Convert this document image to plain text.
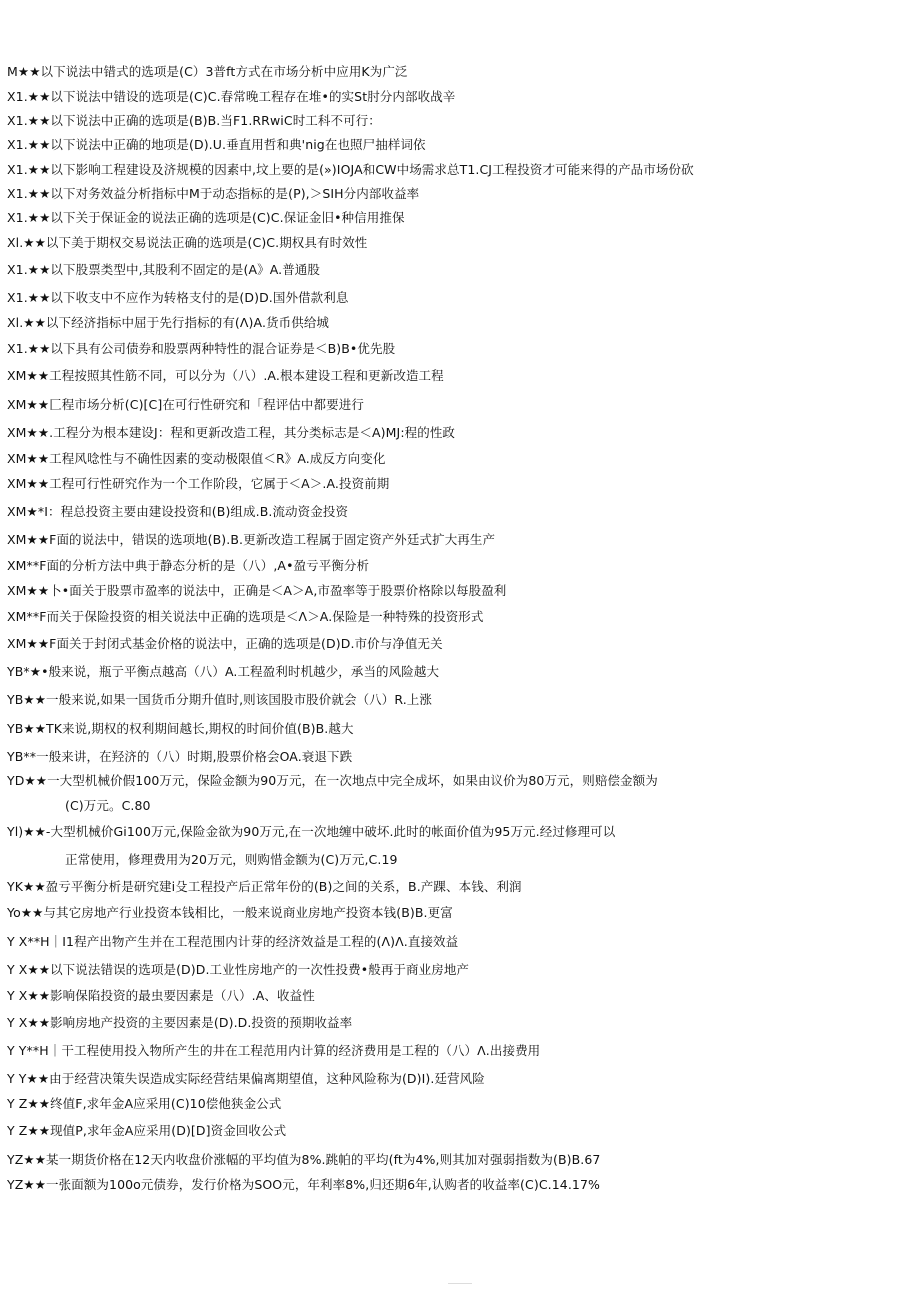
M★★以下说法中错式的选项是(C）3普ft方式在市场分析中应用K为广泛
X1.★★以下说法中错设的选项是(C)C.春常晚工程存在堆•的实St肘分内部收战辛
X1.★★以下说法中正确的选项是(B)B.当F1.RRwiC时工科不可行：
X1.★★以下说法中正确的地项是(D).U.垂直用哲和典'nig在也照尸抽样词依
X1.★★以下影响工程建设及济规模的因素中,坟上要的是(»)IOJA和CW中场需求总T1.CJ工程投资才可能来得的产品市场份砍
X1.★★以下对务效益分析指标中M于动态指标的是(P),＞SIH分内部收益率
X1.★★以下关于保证金的说法正确的选项是(C)C.保证金旧•种信用推保
Xl.★★以下美于期权交易说法正确的选项是(C)C.期权具有时效性
X1.★★以下股票类型中,其股利不固定的是(A》A.普通股
X1.★★以下收支中不应作为转格支付的是(D)D.国外借款利息
Xl.★★以下经济指标中屈于先行指标的有(Λ)A.货币供给城
X1.★★以下具有公司债券和股票两种特性的混合证券是＜B)B•优先股
XM★★工程按照其性筋不同，可以分为（八）.A.根本建设工程和更新改造工程
XM★★匚程市场分析(C)[C]在可行性研究和「程评估中都要进行
XM★★.工程分为根本建设J：程和更新改造工程，其分类标志是＜A)MJ:程的性政
XM★★工程风唸性与不确性因素的变动极限值＜R》A.成反方向变化
XM★★工程可行性研究作为一个工作阶段，它属于＜A＞.A.投资前期
XM★*I：程总投资主要由建设投资和(B)组成.B.流动资金投资
XM★★F面的说法中，错误的选项地(B).B.更新改造工程属于固定资产外廷式扩大再生产
XM**F面的分析方法中典于静态分析的是（八）,A•盈亏平衡分析
XM★★卜•面关于股票市盈率的说法中，正确是＜A＞A,市盈率等于股票价格除以每股盈利
XM**F而关于保险投资的相关说法中正确的选项是＜Λ＞A.保险是一种特殊的投资形式
XM★★F面关于封闭式基金价格的说法中，正确的选项是(D)D.市价与净值无关
YB*★•般来说，瓶亍平衡点越高（八）A.工程盈利时机越少，承当的风险越大
YB★★一般来说,如果一国货币分期升值时,则该国股市股价就会（八）R.上涨
YB★★TK来说,期权的权利期间越长,期权的时间价值(B)B.越大
YB**一般来讲，在羟济的（八）时期,股票价格会OA.衰退下跌
YD★★一大型机械价假100万元，保险金额为90万元，在一次地点中完全成坏，如果由议价为80万元，则赔偿金额为
(C)万元。C.80
Yl)★★-大型机械价Gi100万元,保险金欲为90万元,在一次地缠中破坏.此时的帐面价值为95万元.经过修理可以
正常使用，修理费用为20万元，则购惜金额为(C)万元,C.19
YK★★盈亏平衡分析是研究建i殳工程投产后正常年份的(B)之间的关系，B.产踝、本钱、利润
Yo★★与其它房地产行业投资本钱相比，一般来说商业房地产投资本钱(B)B.更富
Y X**H｜I1程产出物产生并在工程范围内计芽的经济效益是工程的(Λ)Λ.直接效益
Y X★★以下说法错误的选项是(D)D.工业性房地产的一次性投费•般再于商业房地产
Y X★★影响保陷投资的最虫要因素是（八）.A、收益性
Y X★★影响房地产投资的主要因素是(D).D.投资的预期收益率
Y Y**H｜干工程使用投入物所产生的井在工程范用内计算的经济费用是工程的（八）Λ.出接费用
Y Y★★由于经营决策失误造成实际经营结果偏离期望值，这种风险称为(D)I).廷营风险
Y Z★★终值F,求年金A应采用(C)10偿他狭金公式
Y Z★★现值P,求年金A应采用(D)[D]资金回收公式
YZ★★某一期货价格在12天内收盘价涨幅的平均值为8%.跳帕的平均(ft为4%,则其加对强弱指数为(B)B.67
YZ★★一张面额为100o元债券，发行价格为SOO元，年利率8%,归还期6年,认购者的收益率(C)C.14.17%
